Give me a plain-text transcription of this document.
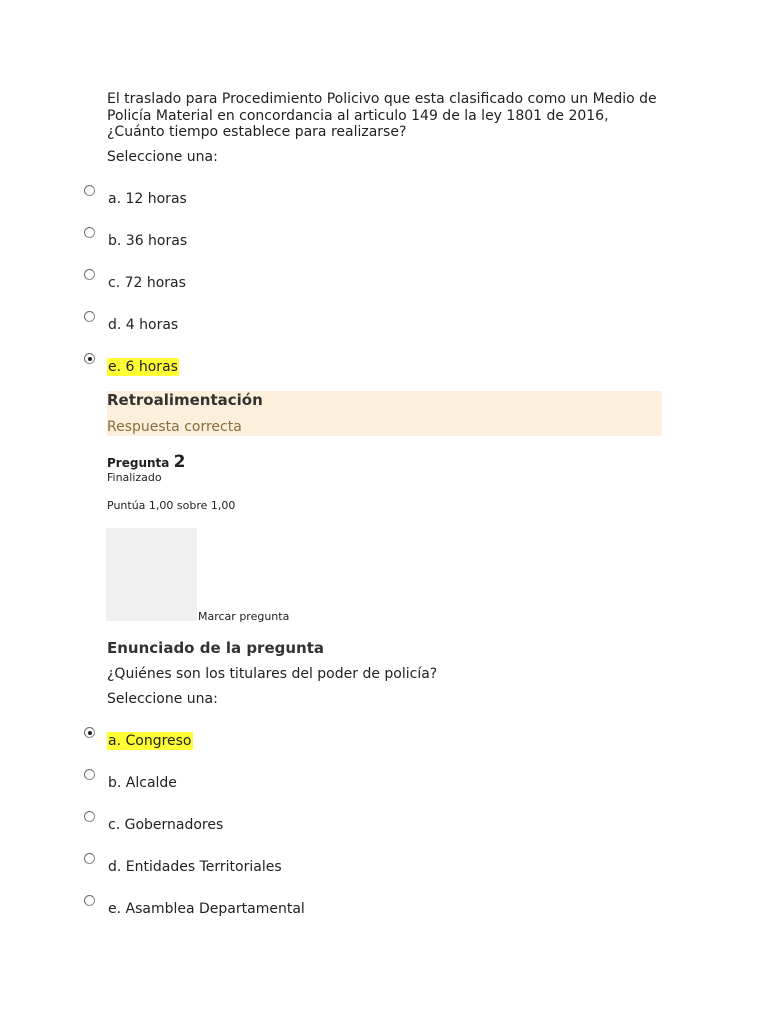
El traslado para Procedimiento Policivo que esta clasificado como un Medio de
Policía Material en concordancia al articulo 149 de la ley 1801 de 2016,
¿Cuánto tiempo establece para realizarse?

Seleccione una:
a. 12 horas
b. 36 horas
c. 72 horas
d. 4 horas
e. 6 horas
Retroalimentación
Respuesta correcta
Pregunta 2
Finalizado
Puntúa 1,00 sobre 1,00
Marcar pregunta
Enunciado de la pregunta
¿Quiénes son los titulares del poder de policía?
Seleccione una:
a. Congreso
b. Alcalde
c. Gobernadores
d. Entidades Territoriales
e. Asamblea Departamental
